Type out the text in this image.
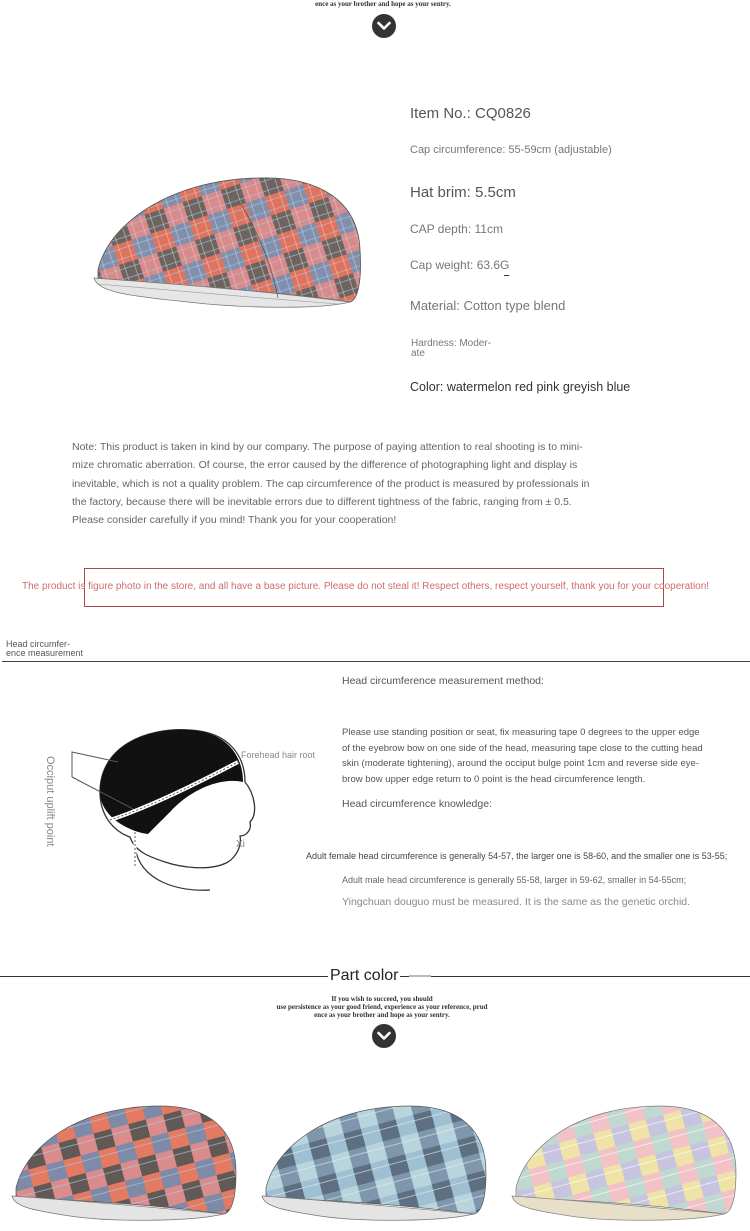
ence as your brother and hope as your sentry.
Item No.: CQ0826
Cap circumference: 55-59cm (adjustable)
Hat brim: 5.5cm
CAP depth: 11cm
Cap weight: 63.6G
Material: Cotton type blend
Hardness: Moder-
ate
Color: watermelon red pink greyish blue
Note: This product is taken in kind by our company. The purpose of paying attention to real shooting is to mini-
mize chromatic aberration. Of course, the error caused by the difference of photographing light and display is
inevitable, which is not a quality problem. The cap circumference of the product is measured by professionals in
the factory, because there will be inevitable errors due to different tightness of the fabric, ranging from ± 0.5.
Please consider carefully if you mind! Thank you for your cooperation!
The product is figure photo in the store, and all have a base picture. Please do not steal it! Respect others, respect yourself, thank you for your cooperation!
Head circumfer-
ence measurement
Head circumference measurement method:
Please use standing position or seat, fix measuring tape 0 degrees to the upper edge
of the eyebrow bow on one side of the head, measuring tape close to the cutting head
skin (moderate tightening), around the occiput bulge point 1cm and reverse side eye-
brow bow upper edge return to 0 point is the head circumference length.
Head circumference knowledge:
Adult female head circumference is generally 54-57, the larger one is 58-60, and the smaller one is 53-55;
Adult male head circumference is generally 55-58, larger in 59-62, smaller in 54-55cm;
Yingchuan douguo must be measured. It is the same as the genetic orchid.
Forehead hair root
Occiput uplift point	Xi
Part color
If you wish to succeed, you should
use persistence as your good friend, experience as your reference, prud
ence as your brother and hope as your sentry.
